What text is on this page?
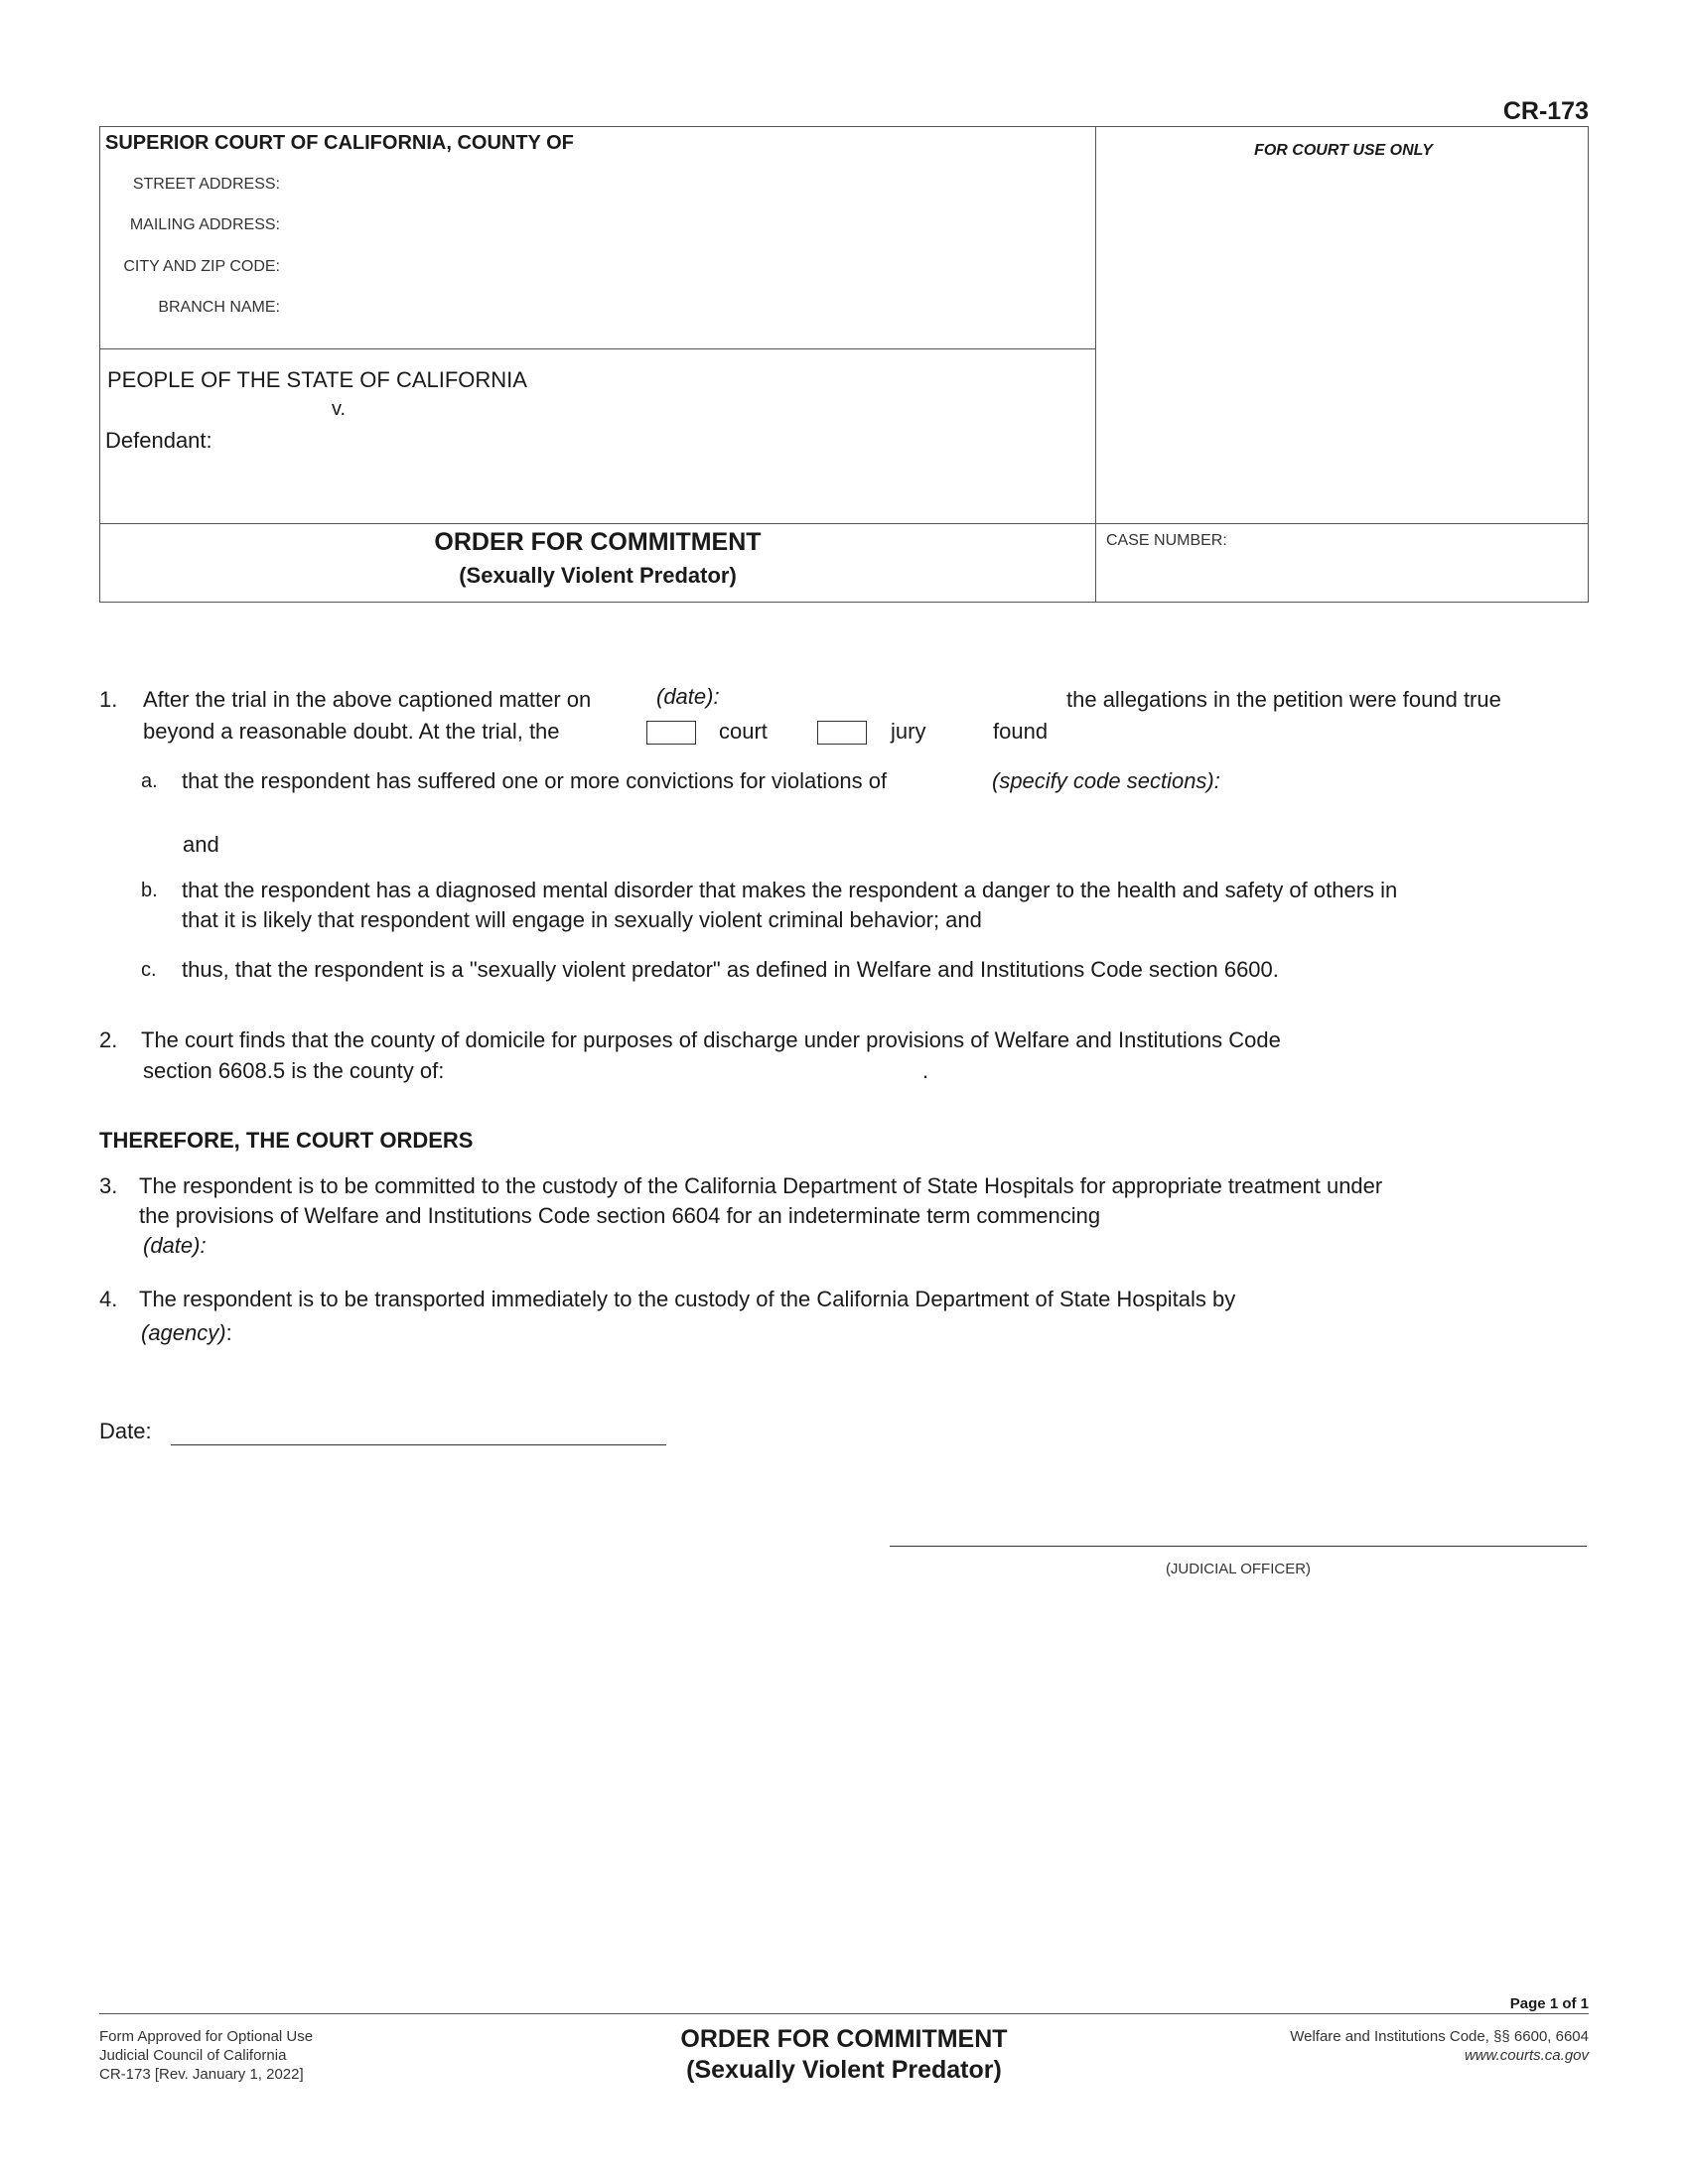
CR-173
SUPERIOR COURT OF CALIFORNIA, COUNTY OF
STREET ADDRESS:
MAILING ADDRESS:
CITY AND ZIP CODE:
BRANCH NAME:
FOR COURT USE ONLY
PEOPLE OF THE STATE OF CALIFORNIA
v.
Defendant:
ORDER FOR COMMITMENT
(Sexually Violent Predator)
CASE NUMBER:
1. After the trial in the above captioned matter on	(date):	the allegations in the petition were found true
beyond a reasonable doubt. At the trial, the	court	jury	found
a. that the respondent has suffered one or more convictions for violations of	(specify code sections):
and
b. that the respondent has a diagnosed mental disorder that makes the respondent a danger to the health and safety of others in
that it is likely that respondent will engage in sexually violent criminal behavior; and
c. thus, that the respondent is a "sexually violent predator" as defined in Welfare and Institutions Code section 6600.
2. The court finds that the county of domicile for purposes of discharge under provisions of Welfare and Institutions Code
section 6608.5 is the county of:	.
THEREFORE, THE COURT ORDERS
3. The respondent is to be committed to the custody of the California Department of State Hospitals for appropriate treatment under
the provisions of Welfare and Institutions Code section 6604 for an indeterminate term commencing
(date):
4. The respondent is to be transported immediately to the custody of the California Department of State Hospitals by
(agency):
Date:
(JUDICIAL OFFICER)
Page 1 of 1
Form Approved for Optional Use
Judicial Council of California
CR-173 [Rev. January 1, 2022]
ORDER FOR COMMITMENT
(Sexually Violent Predator)
Welfare and Institutions Code, §§ 6600, 6604
www.courts.ca.gov
